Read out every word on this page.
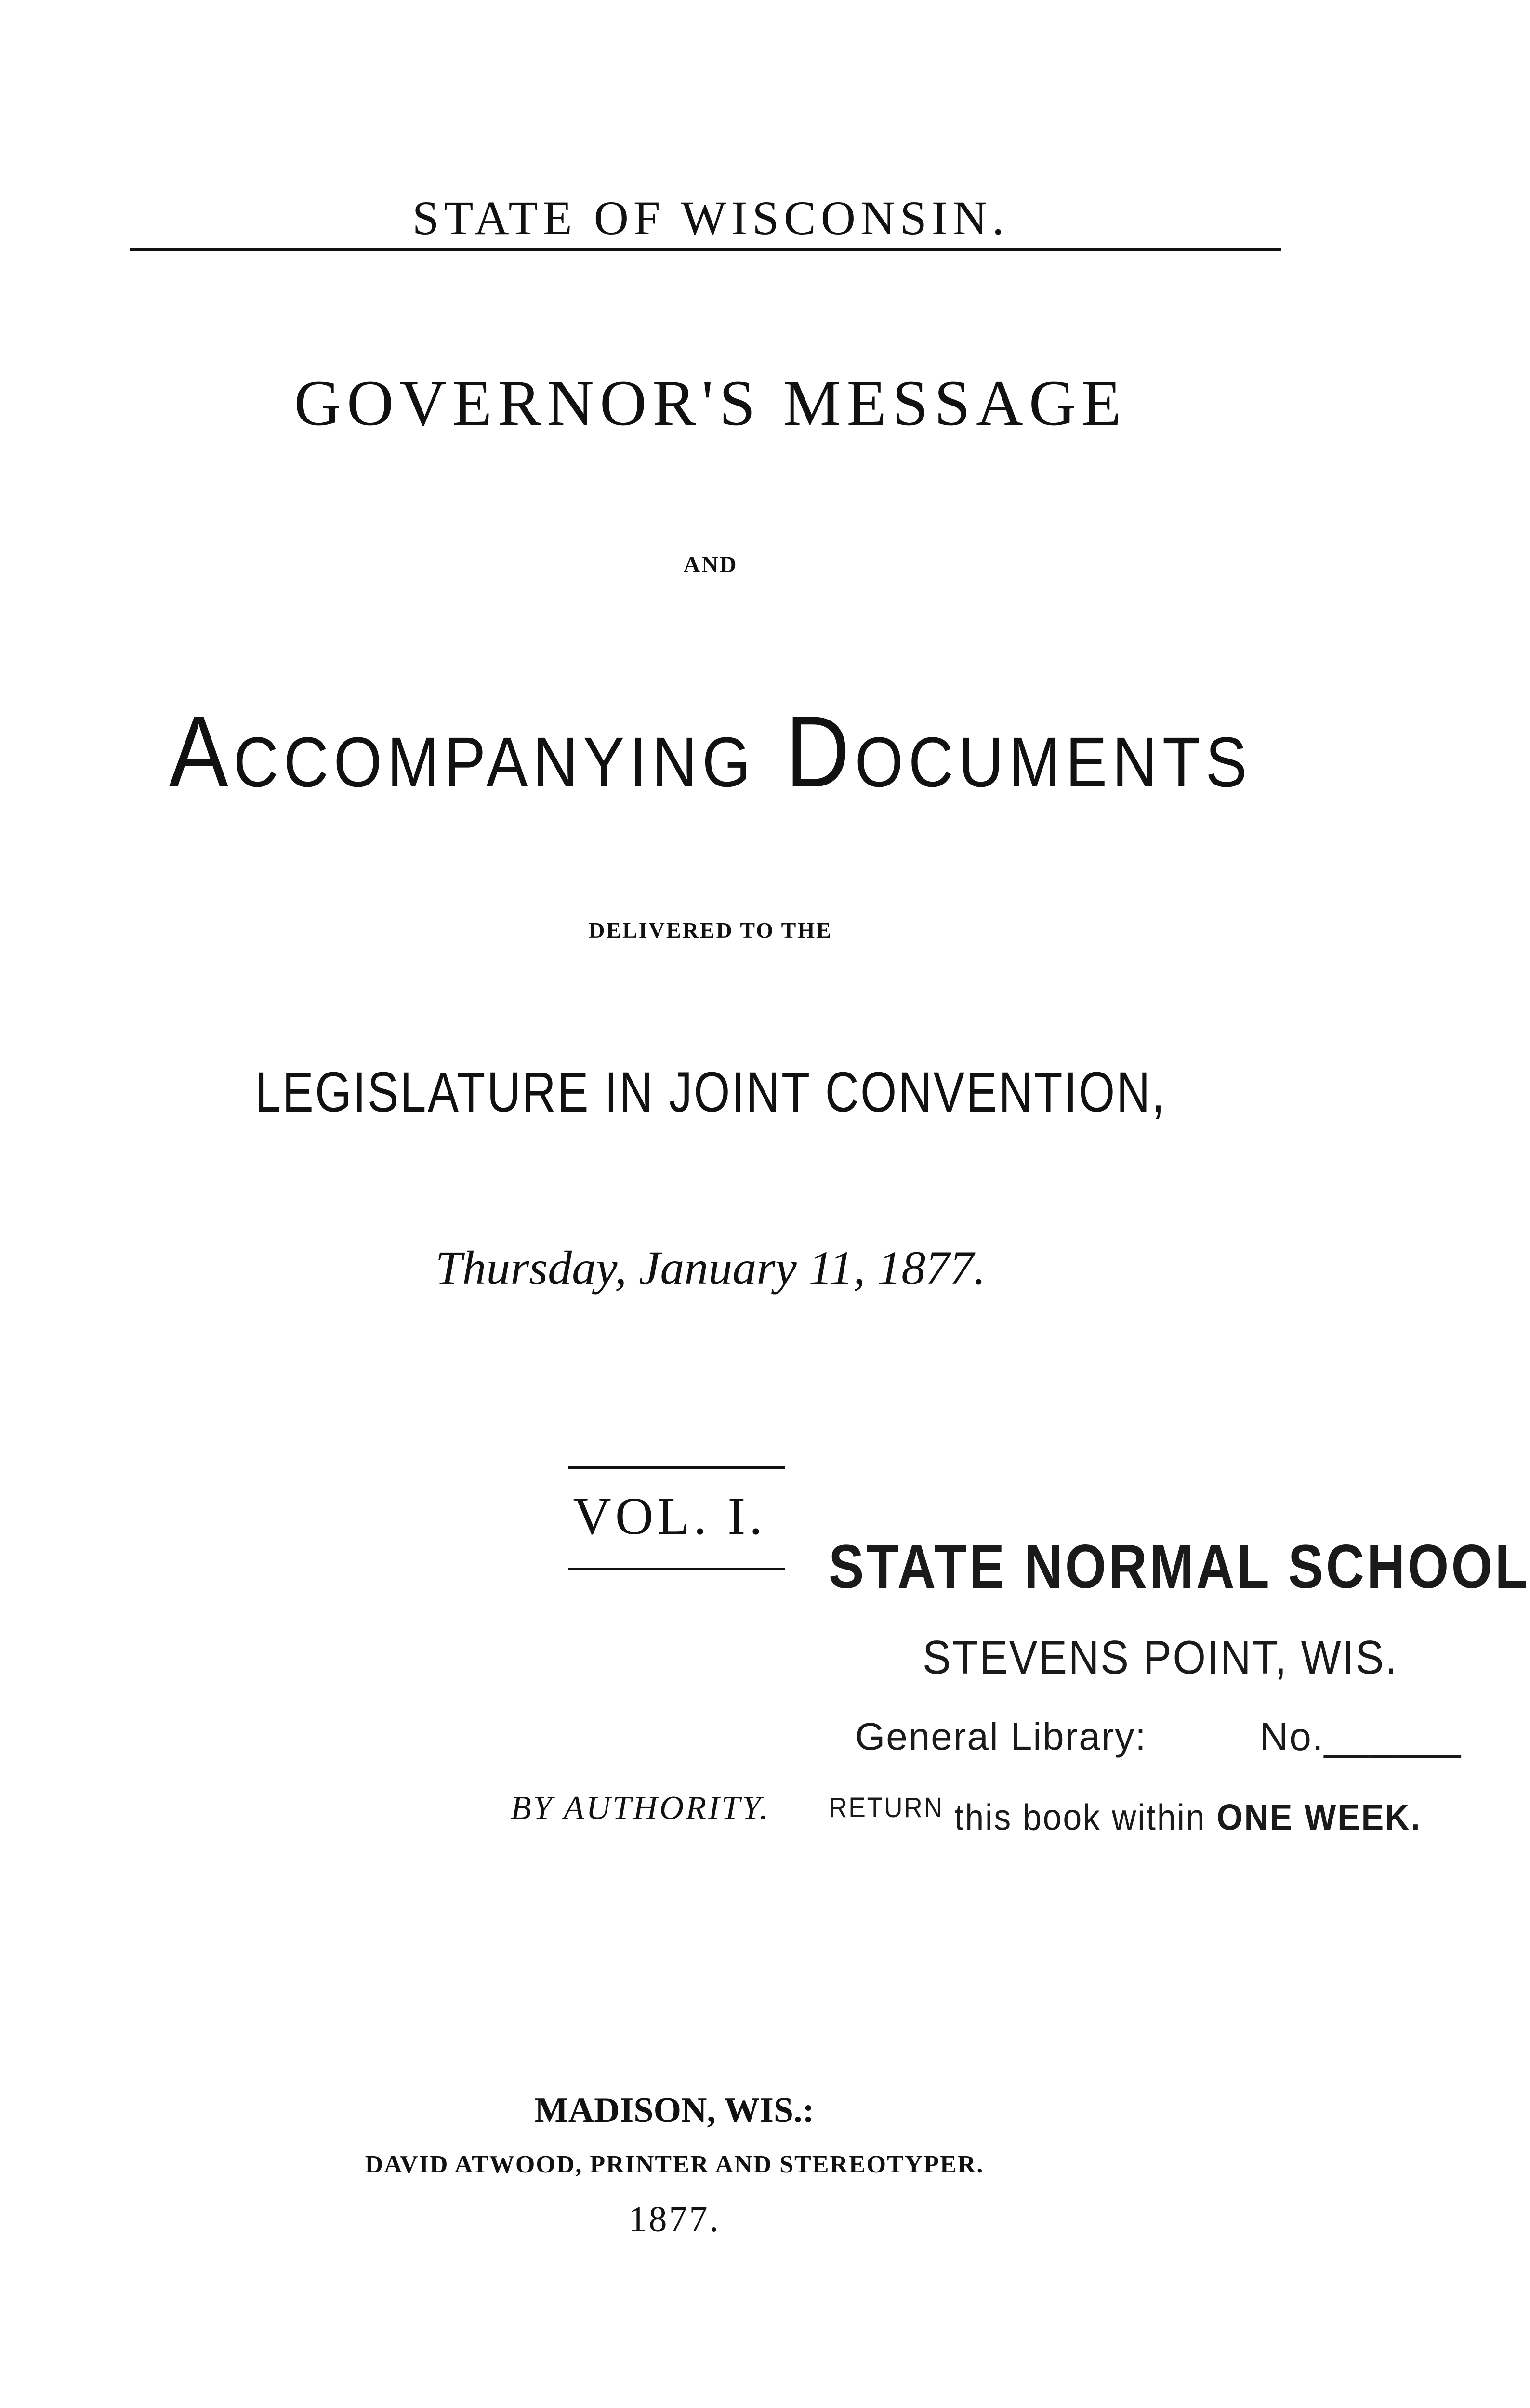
STATE OF WISCONSIN.
GOVERNOR'S MESSAGE
AND
Accompanying Documents
DELIVERED TO THE
LEGISLATURE IN JOINT CONVENTION,
Thursday, January 11, 1877.
VOL. I.
BY AUTHORITY.
STATE NORMAL SCHOOL
STEVENS POINT, WIS.
General Library:	No.______
$^{RETURN}$ this book within ONE WEEK.
MADISON, WIS.:
DAVID ATWOOD, PRINTER AND STEREOTYPER.
1877.
